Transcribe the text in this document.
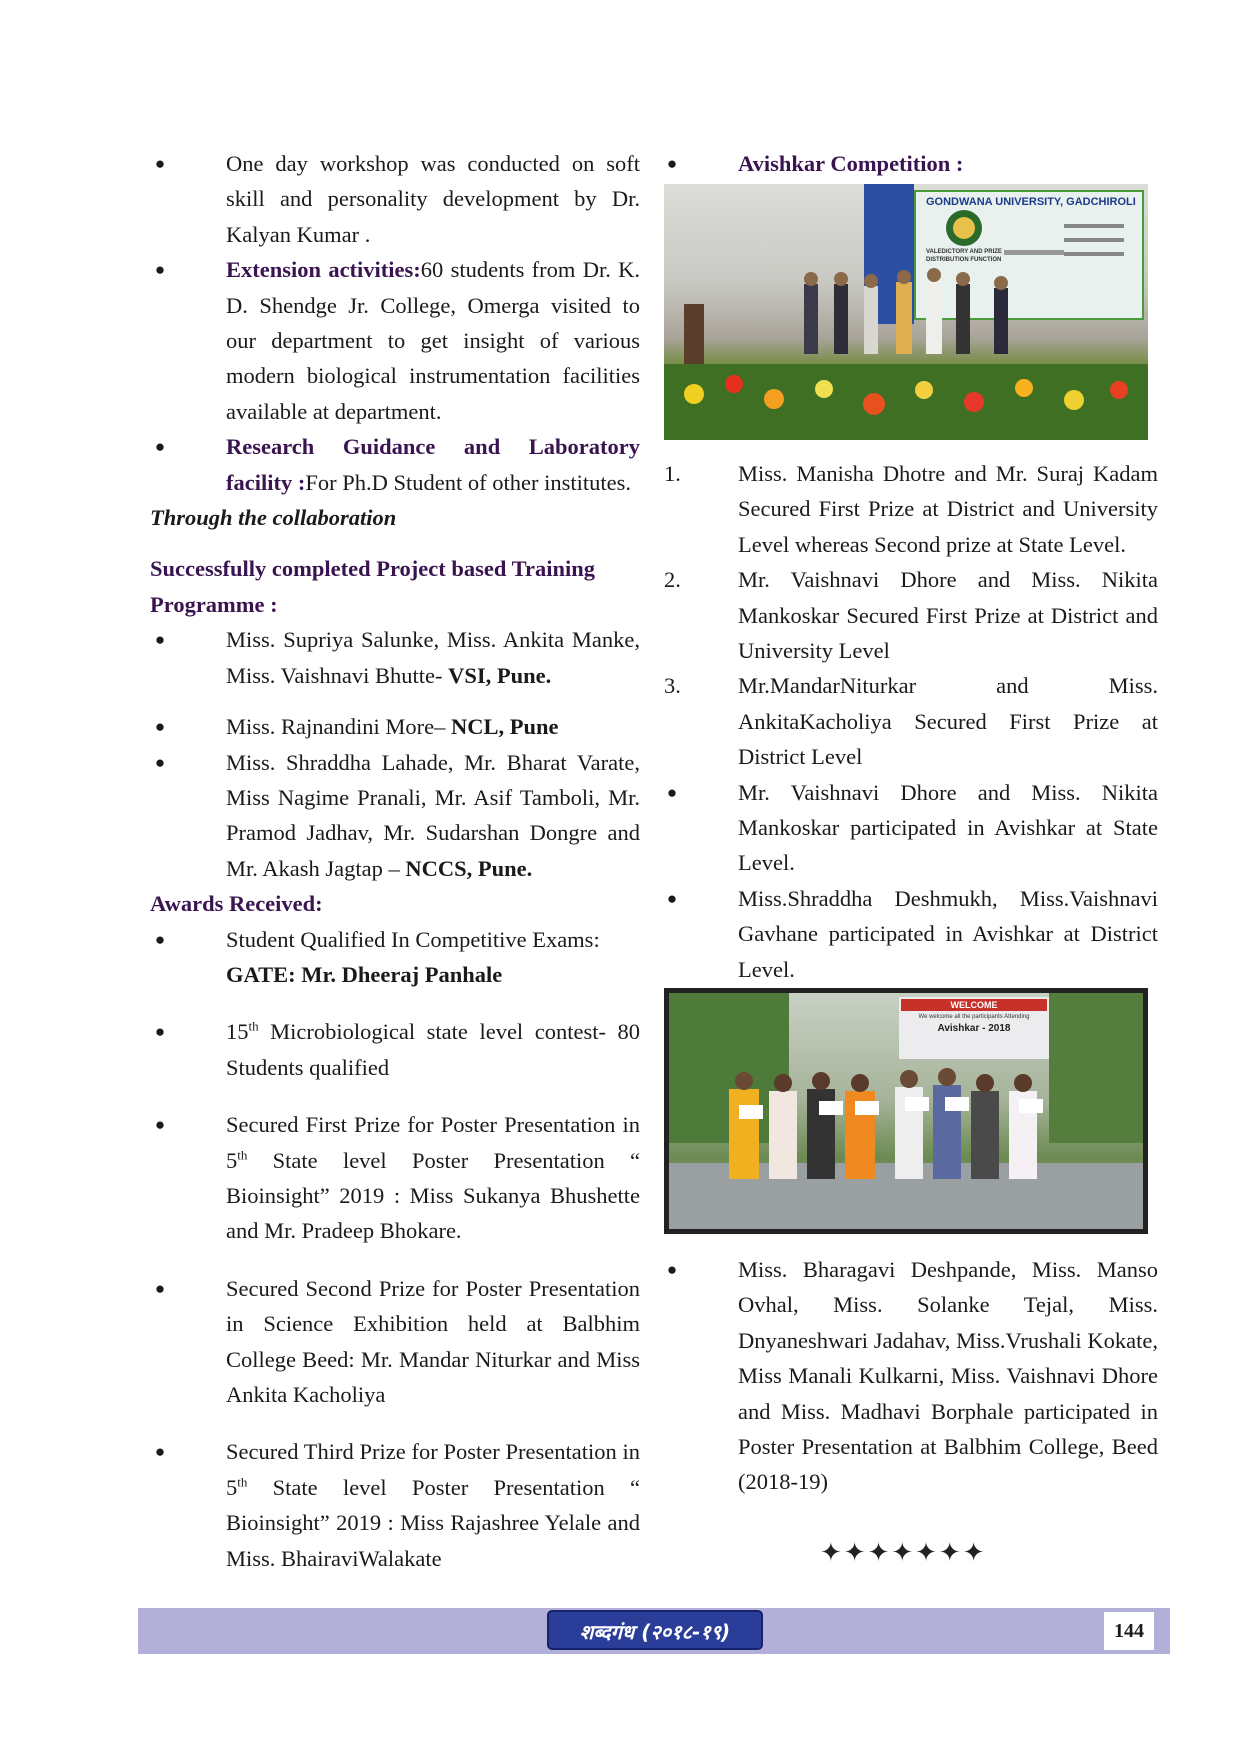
●	One day workshop was conducted on soft skill and personality development by Dr. Kalyan Kumar .
●	Extension activities:60 students from Dr. K. D. Shendge Jr. College, Omerga visited to our department to get insight of various modern biological instrumentation facilities available at department.
●	Research Guidance and Laboratory facility :For Ph.D Student of other institutes.
Through the collaboration
Successfully completed Project based Training Programme :
●	Miss. Supriya Salunke, Miss. Ankita Manke, Miss. Vaishnavi Bhutte- VSI, Pune.
●	Miss. Rajnandini More– NCL, Pune
●	Miss. Shraddha Lahade, Mr. Bharat Varate, Miss Nagime Pranali, Mr. Asif Tamboli, Mr. Pramod Jadhav, Mr. Sudarshan Dongre and Mr. Akash Jagtap – NCCS, Pune.
Awards Received:
●	Student Qualified In Competitive Exams:
GATE: Mr. Dheeraj Panhale
●	15th Microbiological state level contest- 80 Students qualified
●	Secured First Prize for Poster Presentation in 5th State level Poster Presentation “ Bioinsight” 2019 : Miss Sukanya Bhushette and Mr. Pradeep Bhokare.
●	Secured Second Prize for Poster Presentation in Science Exhibition held at Balbhim College Beed: Mr. Mandar Niturkar and Miss Ankita Kacholiya
●	Secured Third Prize for Poster Presentation in 5th State level Poster Presentation “ Bioinsight” 2019 : Miss Rajashree Yelale and Miss. BhairaviWalakate
●	Avishkar Competition :
GONDWANA UNIVERSITY, GADCHIROLI
VALEDICTORY AND PRIZE DISTRIBUTION FUNCTION
1.	Miss. Manisha Dhotre and Mr. Suraj Kadam Secured First Prize at District and University Level whereas Second prize at State Level.
2.	Mr. Vaishnavi Dhore and Miss. Nikita Mankoskar Secured First Prize at District and University Level
3.	Mr.MandarNiturkar and Miss. AnkitaKacholiya Secured First Prize at District Level
●	Mr. Vaishnavi Dhore and Miss. Nikita Mankoskar participated in Avishkar at State Level.
●	Miss.Shraddha Deshmukh, Miss.Vaishnavi Gavhane participated in Avishkar at District Level.
WELCOME
We welcome all the participants Attending
Avishkar - 2018
●	Miss. Bharagavi Deshpande, Miss. Manso Ovhal, Miss. Solanke Tejal, Miss. Dnyaneshwari Jadahav, Miss.Vrushali Kokate, Miss Manali Kulkarni, Miss. Vaishnavi Dhore and Miss. Madhavi Borphale participated in Poster Presentation at Balbhim College, Beed (2018-19)
✦✦✦✦✦✦✦
शब्दगंध (२०१८-१९)	144
